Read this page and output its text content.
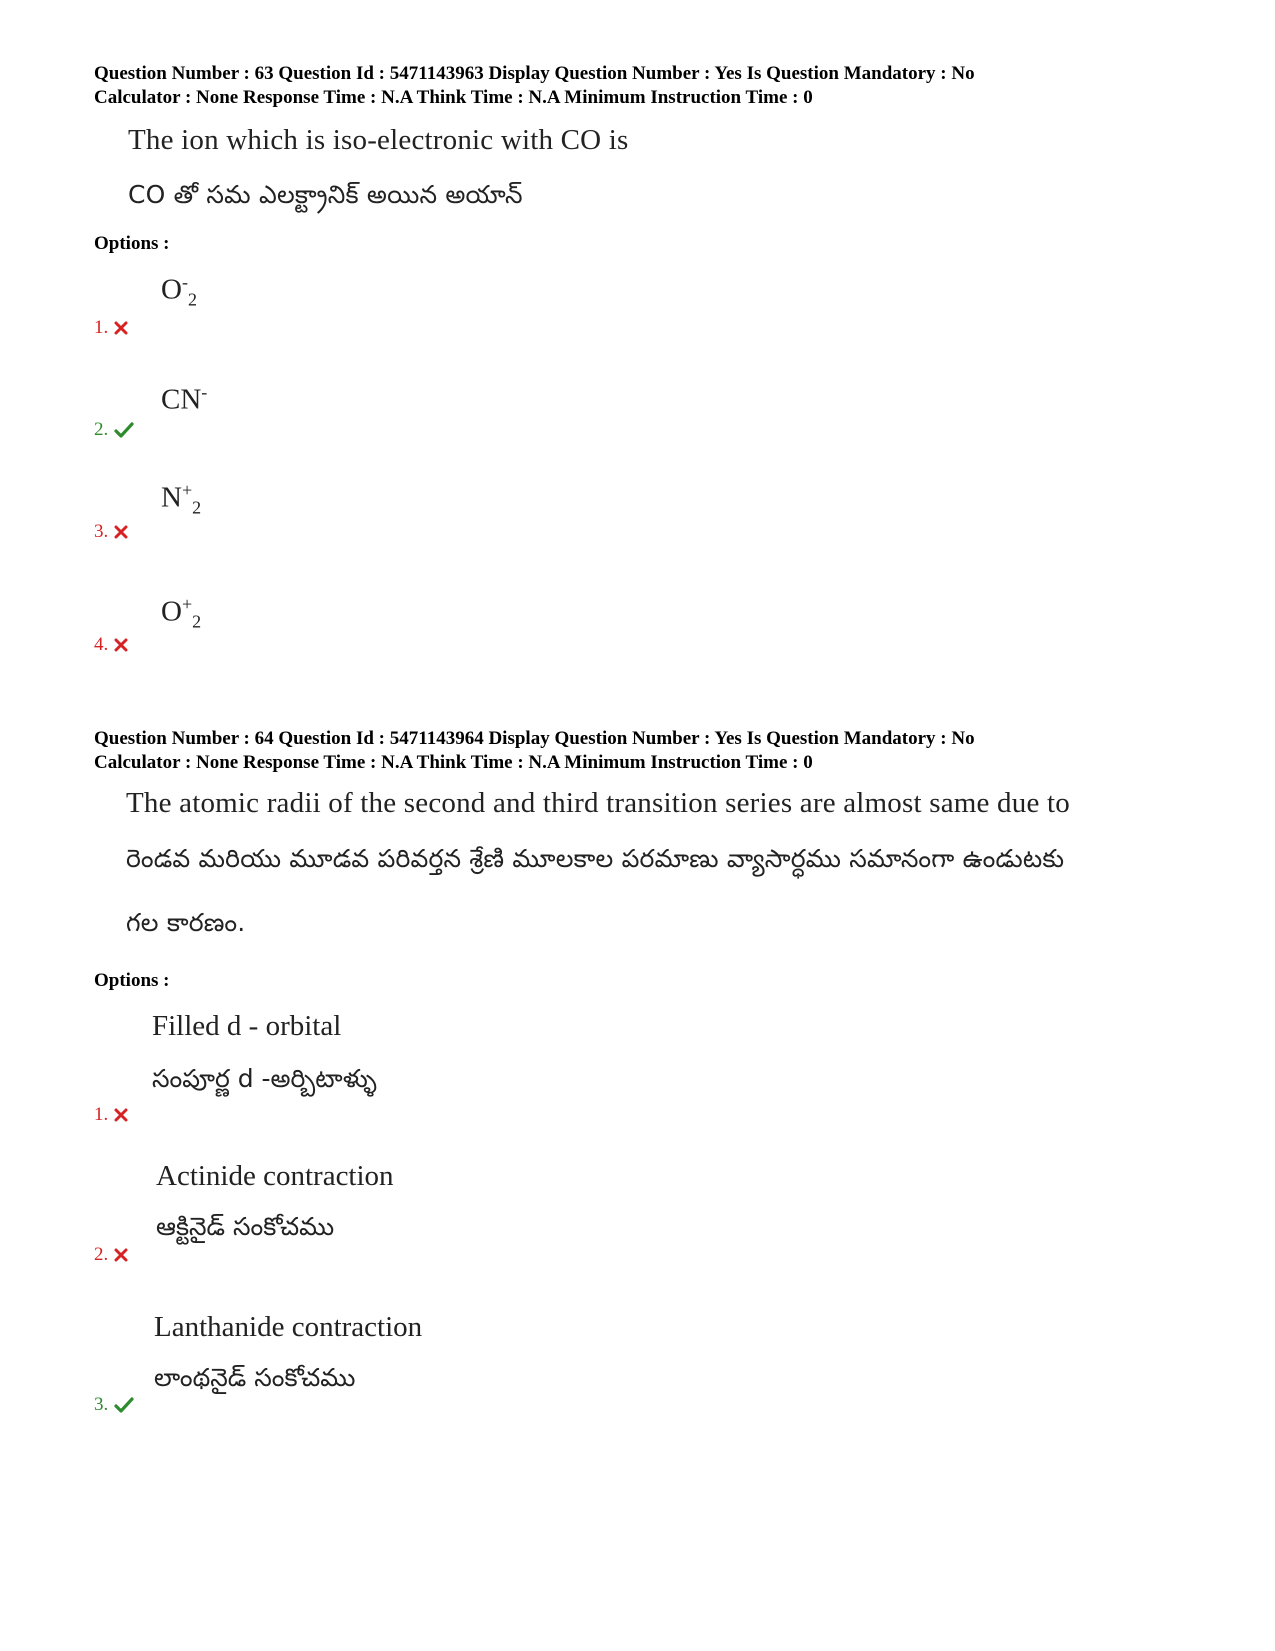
Question Number : 63 Question Id : 5471143963 Display Question Number : Yes Is Question Mandatory : No
Calculator : None Response Time : N.A Think Time : N.A Minimum Instruction Time : 0
The ion which is iso-electronic with CO is
CO తో సమ ఎలక్ట్రానిక్ అయిన అయాన్
Options :
$O^-_2$
1.
CN-
2.
$N^+_2$
3.
$O^+_2$
4.
Question Number : 64 Question Id : 5471143964 Display Question Number : Yes Is Question Mandatory : No
Calculator : None Response Time : N.A Think Time : N.A Minimum Instruction Time : 0
The atomic radii of the second and third transition series are almost same due to
రెండవ మరియు మూడవ పరివర్తన శ్రేణి మూలకాల పరమాణు వ్యాసార్ధము సమానంగా ఉండుటకు
గల కారణం.
Options :
Filled d - orbital
సంపూర్ణ d -అర్బిటాళ్ళు
1.
Actinide contraction
ఆక్టినైడ్ సంకోచము
2.
Lanthanide contraction
లాంథనైడ్ సంకోచము
3.
